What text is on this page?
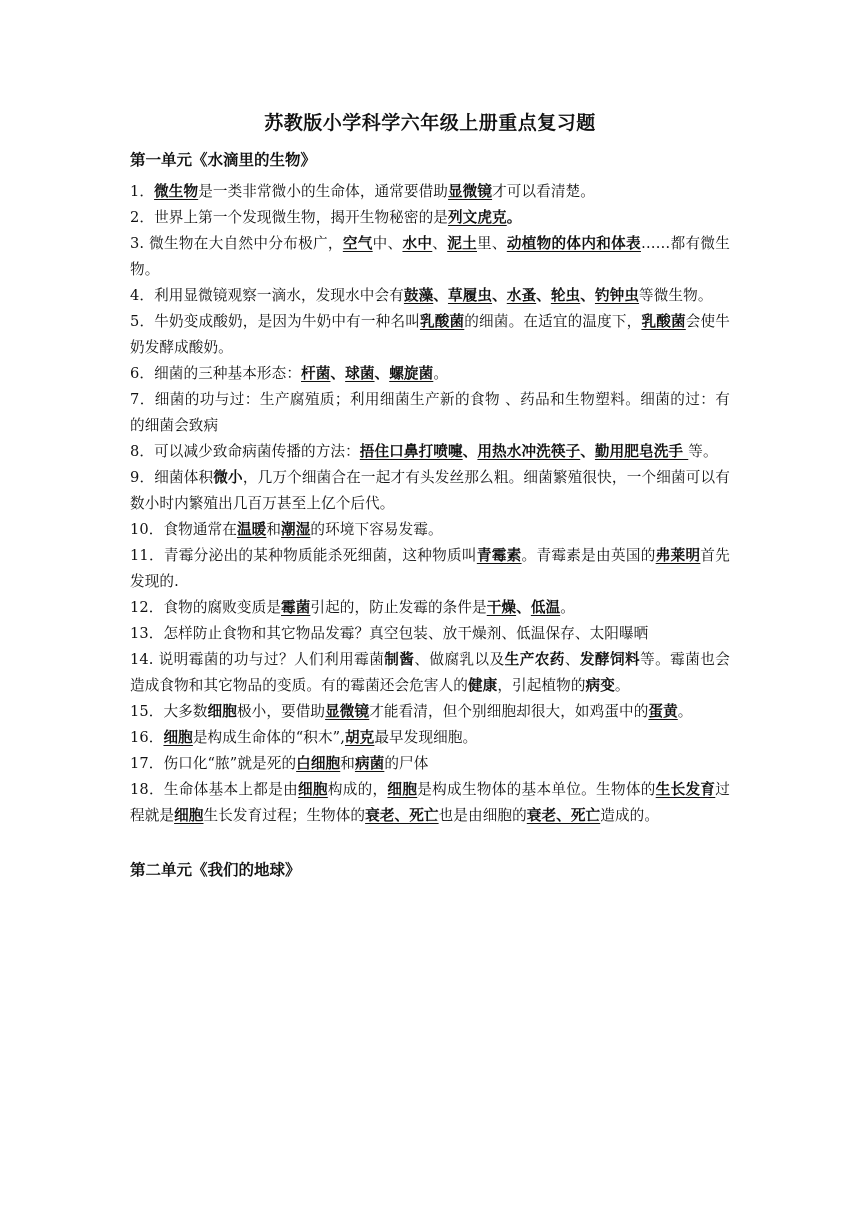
苏教版小学科学六年级上册重点复习题
第一单元《水滴里的生物》

1．微生物是一类非常微小的生命体，通常要借助显微镜才可以看清楚。

2．世界上第一个发现微生物，揭开生物秘密的是列文虎克。

3. 微生物在大自然中分布极广，空气中、水中、泥土里、动植物的体内和体表……都有微生物。

4．利用显微镜观察一滴水，发现水中会有鼓藻、草履虫、水蚤、轮虫、钓钟虫等微生物。

5．牛奶变成酸奶，是因为牛奶中有一种名叫乳酸菌的细菌。在适宜的温度下，乳酸菌会使牛奶发酵成酸奶。

6．细菌的三种基本形态：杆菌、球菌、螺旋菌。

7．细菌的功与过：生产腐殖质；利用细菌生产新的食物 、药品和生物塑料。细菌的过：有的细菌会致病

8．可以减少致命病菌传播的方法：捂住口鼻打喷嚏、用热水冲洗筷子、勤用肥皂洗手 等。

9．细菌体积微小，几万个细菌合在一起才有头发丝那么粗。细菌繁殖很快，一个细菌可以有数小时内繁殖出几百万甚至上亿个后代。

10．食物通常在温暖和潮湿的环境下容易发霉。

11．青霉分泌出的某种物质能杀死细菌，这种物质叫青霉素。青霉素是由英国的弗莱明首先发现的.

12．食物的腐败变质是霉菌引起的，防止发霉的条件是干燥、低温。

13．怎样防止食物和其它物品发霉？真空包装、放干燥剂、低温保存、太阳曝晒

14. 说明霉菌的功与过？人们利用霉菌制酱、做腐乳以及生产农药、发酵饲料等。霉菌也会造成食物和其它物品的变质。有的霉菌还会危害人的健康，引起植物的病变。

15．大多数细胞极小，要借助显微镜才能看清，但个别细胞却很大，如鸡蛋中的蛋黄。

16．细胞是构成生命体的“积木”,胡克最早发现细胞。

17．伤口化“脓”就是死的白细胞和病菌的尸体

18．生命体基本上都是由细胞构成的，细胞是构成生物体的基本单位。生物体的生长发育过程就是细胞生长发育过程；生物体的衰老、死亡也是由细胞的衰老、死亡造成的。

第二单元《我们的地球》
